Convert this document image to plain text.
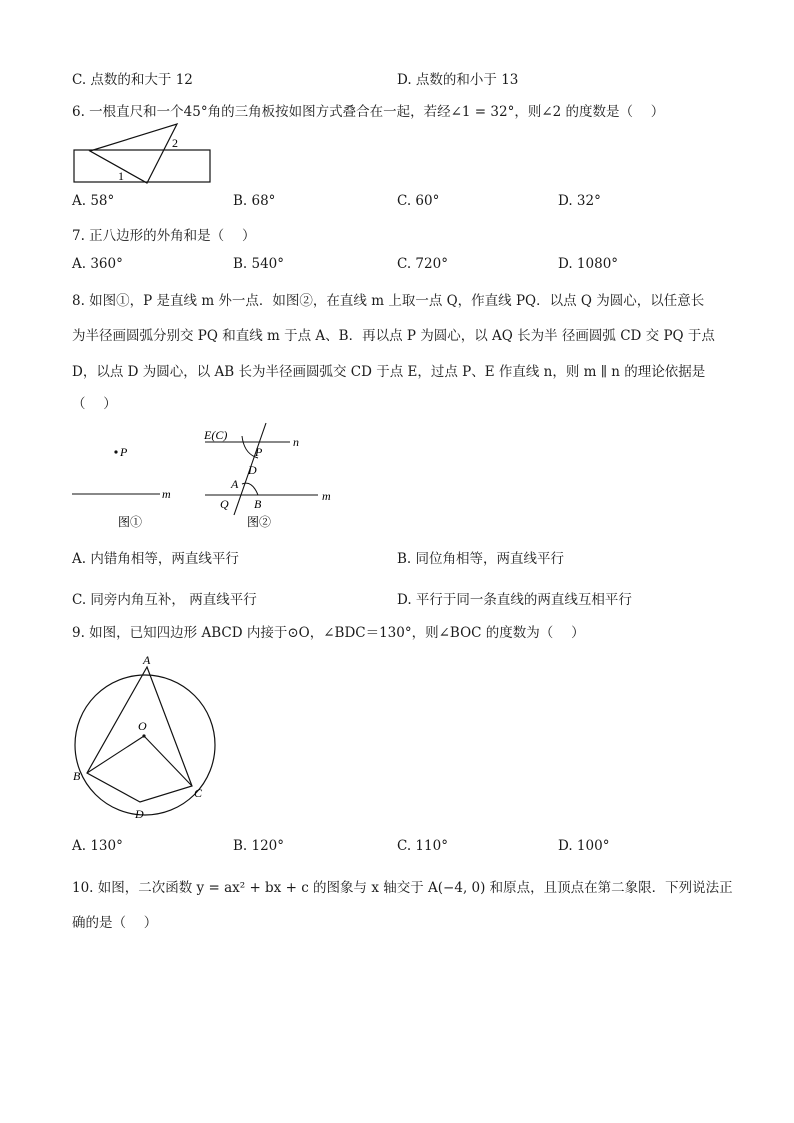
C. 点数的和大于 12	D. 点数的和小于 13
6. 一根直尺和一个45°角的三角板按如图方式叠合在一起，若经∠1 = 32°，则∠2 的度数是（　 ）
1
2
A. 58°	B. 68°	C. 60°	D. 32°
7. 正八边形的外角和是（　 ）
A. 360°	B. 540°	C. 720°	D. 1080°
8. 如图①，P 是直线 m 外一点．如图②，在直线 m 上取一点 Q，作直线 PQ．以点 Q 为圆心，以任意长
为半径画圆弧分别交 PQ 和直线 m 于点 A、B．再以点 P 为圆心，以 AQ 长为半 径画圆弧 CD 交 PQ 于点
D，以点 D 为圆心，以 AB 长为半径画圆弧交 CD 于点 E，过点 P、E 作直线 n，则 m ∥ n 的理论依据是
（　 ）
P
m
图①
E(C)	n
P
D
A
Q B
m
图②
A. 内错角相等，两直线平行	B. 同位角相等，两直线平行
C. 同旁内角互补， 两直线平行	D. 平行于同一条直线的两直线互相平行
9. 如图，已知四边形 ABCD 内接于⊙O，∠BDC＝130°，则∠BOC 的度数为（　 ）
A
O
B
C
D
A. 130°	B. 120°	C. 110°	D. 100°
10. 如图，二次函数 y = ax² + bx + c 的图象与 x 轴交于 A(−4, 0) 和原点，且顶点在第二象限．下列说法正
确的是（　 ）
